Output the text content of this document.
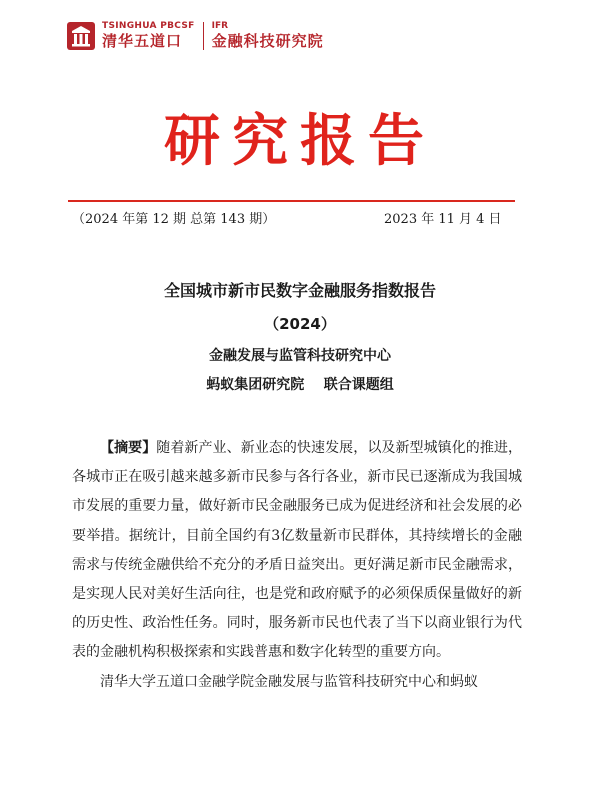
TSINGHUA PBCSF
清华五道口
IFR
金融科技研究院
研究报告
（2024 年第 12 期 总第 143 期）	2023 年 11 月 4 日
全国城市新市民数字金融服务指数报告
（2024）
金融发展与监管科技研究中心
蚂蚁集团研究院    联合课题组

【摘要】随着新产业、新业态的快速发展，以及新型城镇化的推进，各城市正在吸引越来越多新市民参与各行各业，新市民已逐渐成为我国城市发展的重要力量，做好新市民金融服务已成为促进经济和社会发展的必要举措。据统计，目前全国约有3亿数量新市民群体，其持续增长的金融需求与传统金融供给不充分的矛盾日益突出。更好满足新市民金融需求，是实现人民对美好生活向往，也是党和政府赋予的必须保质保量做好的新的历史性、政治性任务。同时，服务新市民也代表了当下以商业银行为代表的金融机构积极探索和实践普惠和数字化转型的重要方向。

清华大学五道口金融学院金融发展与监管科技研究中心和蚂蚁
